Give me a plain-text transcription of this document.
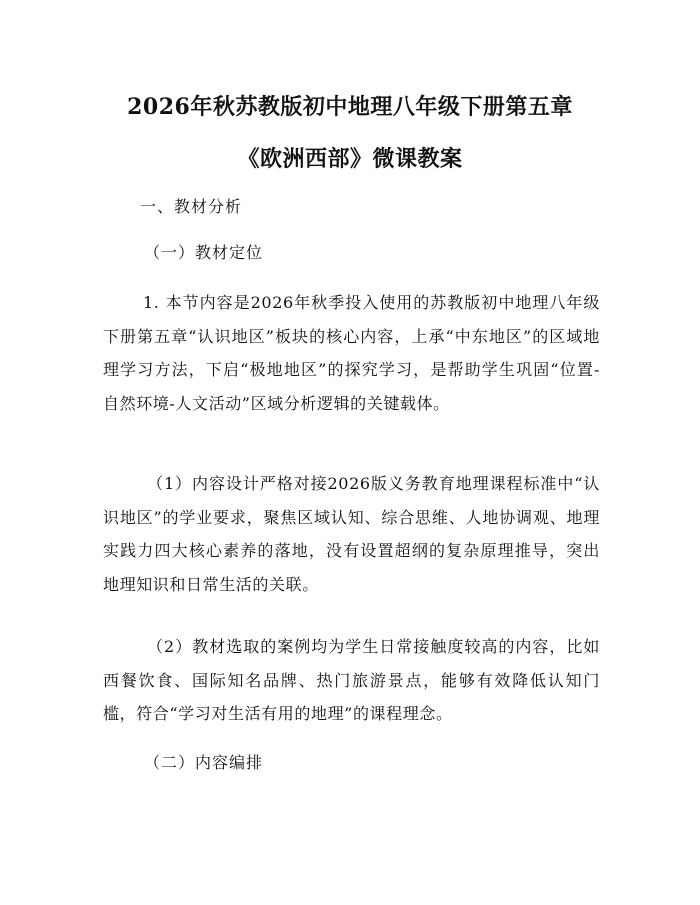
2026年秋苏教版初中地理八年级下册第五章
《欧洲西部》微课教案
一、教材分析
（一）教材定位
1. 本节内容是2026年秋季投入使用的苏教版初中地理八年级下册第五章“认识地区”板块的核心内容，上承“中东地区”的区域地理学习方法，下启“极地地区”的探究学习，是帮助学生巩固“位置-自然环境-人文活动”区域分析逻辑的关键载体。
（1）内容设计严格对接2026版义务教育地理课程标准中“认识地区”的学业要求，聚焦区域认知、综合思维、人地协调观、地理实践力四大核心素养的落地，没有设置超纲的复杂原理推导，突出地理知识和日常生活的关联。
（2）教材选取的案例均为学生日常接触度较高的内容，比如西餐饮食、国际知名品牌、热门旅游景点，能够有效降低认知门槛，符合“学习对生活有用的地理”的课程理念。
（二）内容编排
